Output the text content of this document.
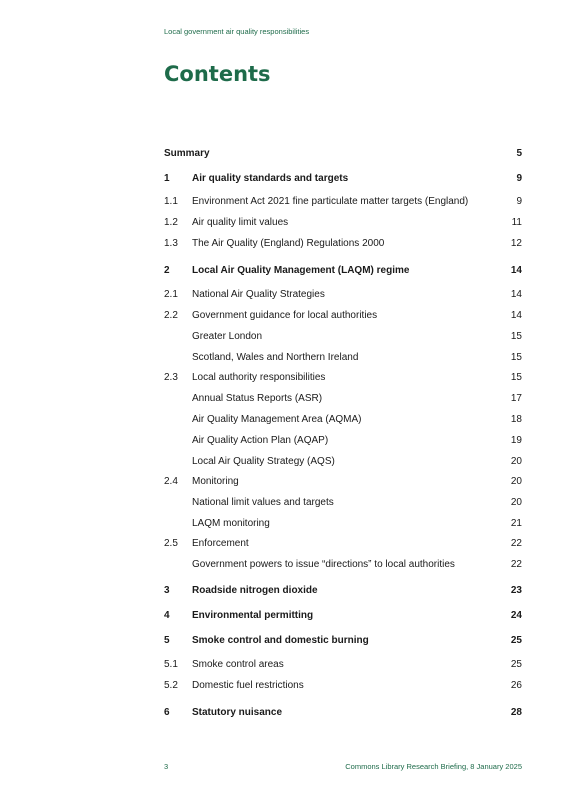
Local government air quality responsibilities
Contents
Summary	5
1 Air quality standards and targets	9
1.1 Environment Act 2021 fine particulate matter targets (England)	9
1.2 Air quality limit values	11
1.3 The Air Quality (England) Regulations 2000	12
2 Local Air Quality Management (LAQM) regime	14
2.1 National Air Quality Strategies	14
2.2 Government guidance for local authorities	14
Greater London	15
Scotland, Wales and Northern Ireland	15
2.3 Local authority responsibilities	15
Annual Status Reports (ASR)	17
Air Quality Management Area (AQMA)	18
Air Quality Action Plan (AQAP)	19
Local Air Quality Strategy (AQS)	20
2.4 Monitoring	20
National limit values and targets	20
LAQM monitoring	21
2.5 Enforcement	22
Government powers to issue “directions” to local authorities	22
3 Roadside nitrogen dioxide	23
4 Environmental permitting	24
5 Smoke control and domestic burning	25
5.1 Smoke control areas	25
5.2 Domestic fuel restrictions	26
6 Statutory nuisance	28
3	Commons Library Research Briefing, 8 January 2025
